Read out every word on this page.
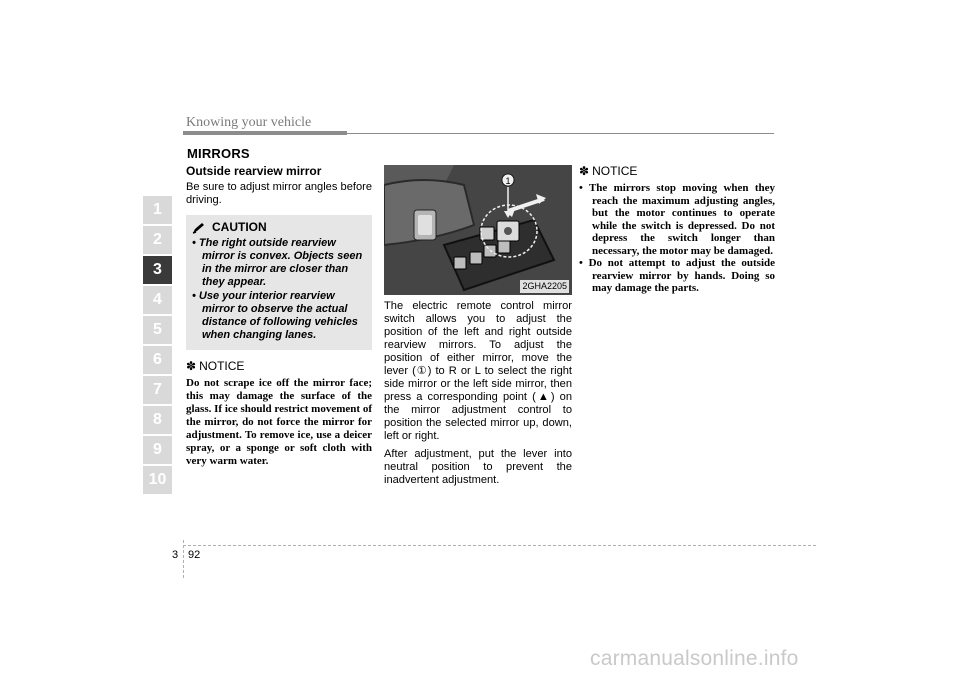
Knowing your vehicle
MIRRORS
1
2
3
4
5
6
7
8
9
10
Outside rearview mirror
Be sure to adjust mirror angles before driving.
CAUTION
• The right outside rearview mirror is convex. Objects seen in the mirror are closer than they appear.
• Use your interior rearview mirror to observe the actual distance of following vehicles when changing lanes.
✽ NOTICE
Do not scrape ice off the mirror face; this may damage the surface of the glass. If ice should restrict movement of the mirror, do not force the mirror for adjustment. To remove ice, use a deicer spray, or a sponge or soft cloth with very warm water.
1
2GHA2205

The electric remote control mirror switch allows you to adjust the position of the left and right outside rearview mirrors. To adjust the position of either mirror, move the lever (①) to R or L to select the right side mirror or the left side mirror, then press a corresponding point (▲) on the mirror adjustment control to position the selected mirror up, down, left or right.

After adjustment, put the lever into neutral position to prevent the inadvertent adjustment.

✽ NOTICE
• The mirrors stop moving when they reach the maximum adjusting angles, but the motor continues to operate while the switch is depressed. Do not depress the switch longer than necessary, the motor may be damaged.
• Do not attempt to adjust the outside rearview mirror by hands. Doing so may damage the parts.
3 92
carmanualsonline.info
